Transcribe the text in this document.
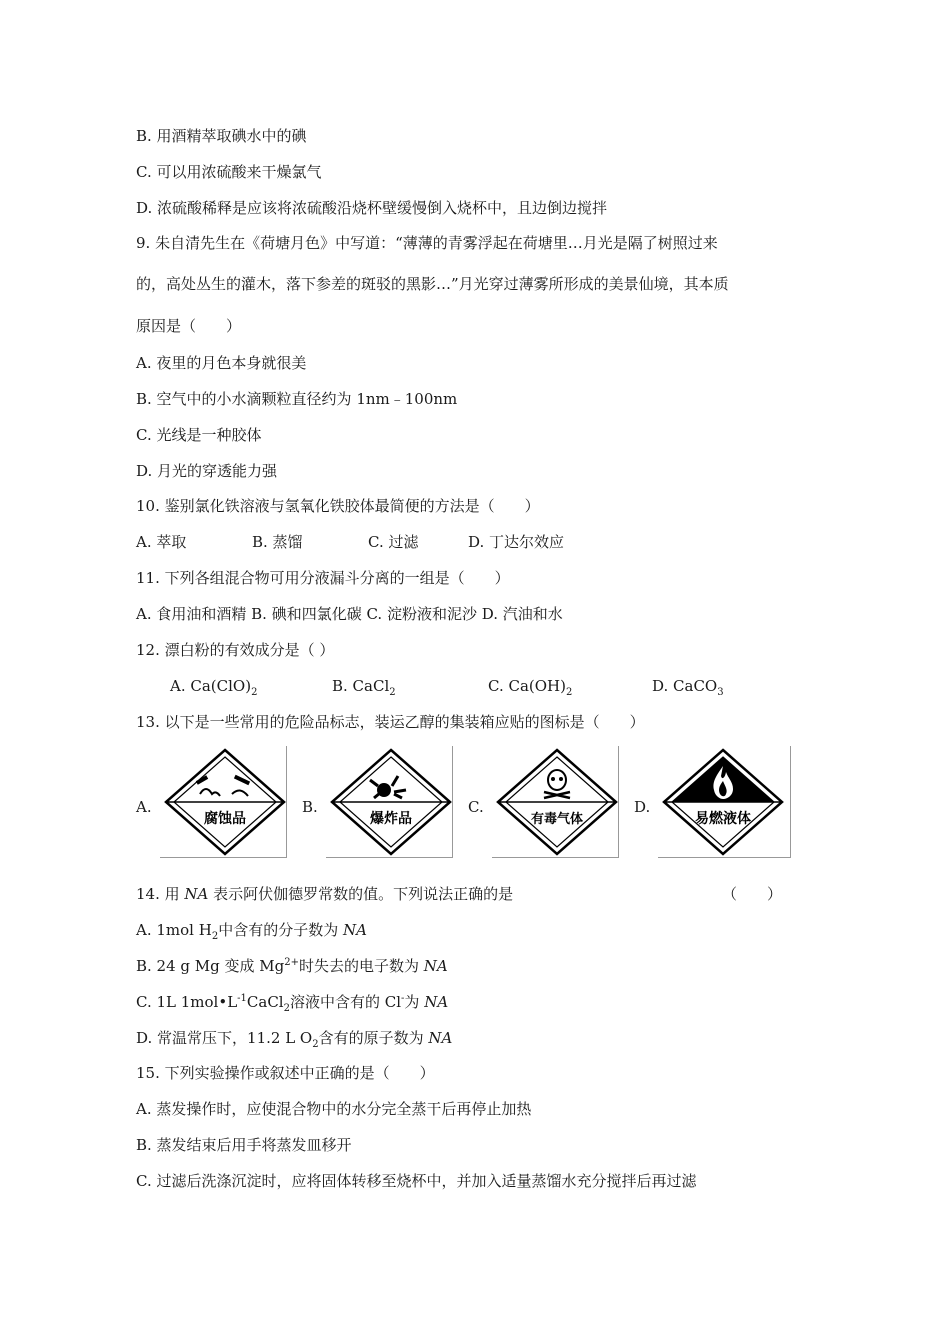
B. 用酒精萃取碘水中的碘
C. 可以用浓硫酸来干燥氯气
D. 浓硫酸稀释是应该将浓硫酸沿烧杯壁缓慢倒入烧杯中，且边倒边搅拌
9. 朱自清先生在《荷塘月色》中写道：“薄薄的青雾浮起在荷塘里…月光是隔了树照过来
的，高处丛生的灌木，落下参差的斑驳的黑影…”月光穿过薄雾所形成的美景仙境，其本质
原因是（　　）
A. 夜里的月色本身就很美
B. 空气中的小水滴颗粒直径约为 1nm﹣100nm
C. 光线是一种胶体
D. 月光的穿透能力强
10. 鉴别氯化铁溶液与氢氧化铁胶体最简便的方法是（　　）
A. 萃取	B. 蒸馏	C. 过滤	D. 丁达尔效应
11. 下列各组混合物可用分液漏斗分离的一组是（　　）
A. 食用油和酒精 B. 碘和四氯化碳 C. 淀粉液和泥沙 D. 汽油和水
12. 漂白粉的有效成分是（ ）
A. Ca(ClO)2	B. CaCl2	C. Ca(OH)2	D. CaCO3
13. 以下是一些常用的危险品标志，装运乙醇的集装箱应贴的图标是（　　）
A.
腐蚀品
B.
爆炸品
C.
有毒气体
D.
易燃液体
14. 用 NA 表示阿伏伽德罗常数的值。下列说法正确的是	（　　）
A. 1mol $H_2$中含有的分子数为 NA
B. 24 g Mg 变成 $Mg^{2+}$时失去的电子数为 NA
C. 1L $1mol•L^{-1}CaCl_2$溶液中含有的 Cl-为 NA
D. 常温常压下，11.2 L $O_2$含有的原子数为 NA
15. 下列实验操作或叙述中正确的是（　　）
A. 蒸发操作时，应使混合物中的水分完全蒸干后再停止加热
B. 蒸发结束后用手将蒸发皿移开
C. 过滤后洗涤沉淀时，应将固体转移至烧杯中，并加入适量蒸馏水充分搅拌后再过滤
